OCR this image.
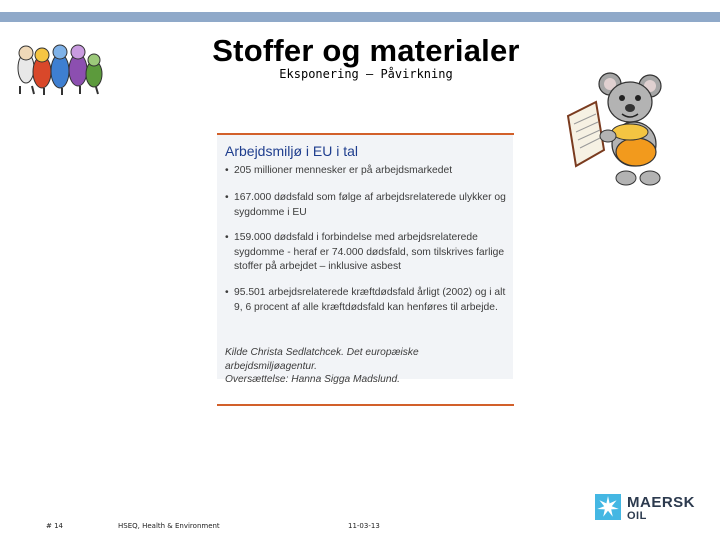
Stoffer og materialer
Eksponering – Påvirkning
Arbejdsmiljø i EU i tal
• 205 millioner mennesker er på arbejdsmarkedet
• 167.000 dødsfald som følge af arbejdsrelaterede ulykker og sygdomme i EU
• 159.000 dødsfald i forbindelse med arbejdsrelaterede sygdomme - heraf er 74.000 dødsfald, som tilskrives farlige stoffer på arbejdet – inklusive asbest
• 95.501 arbejdsrelaterede kræftdødsfald årligt (2002) og i alt 9, 6 procent af alle kræftdødsfald kan henføres til arbejde.
Kilde Christa Sedlatchcek. Det europæiske arbejdsmiljøagentur.
Oversættelse: Hanna Sigga Madslund.
# 14	HSEQ, Health & Environment	11-03-13
MAERSK
OIL
